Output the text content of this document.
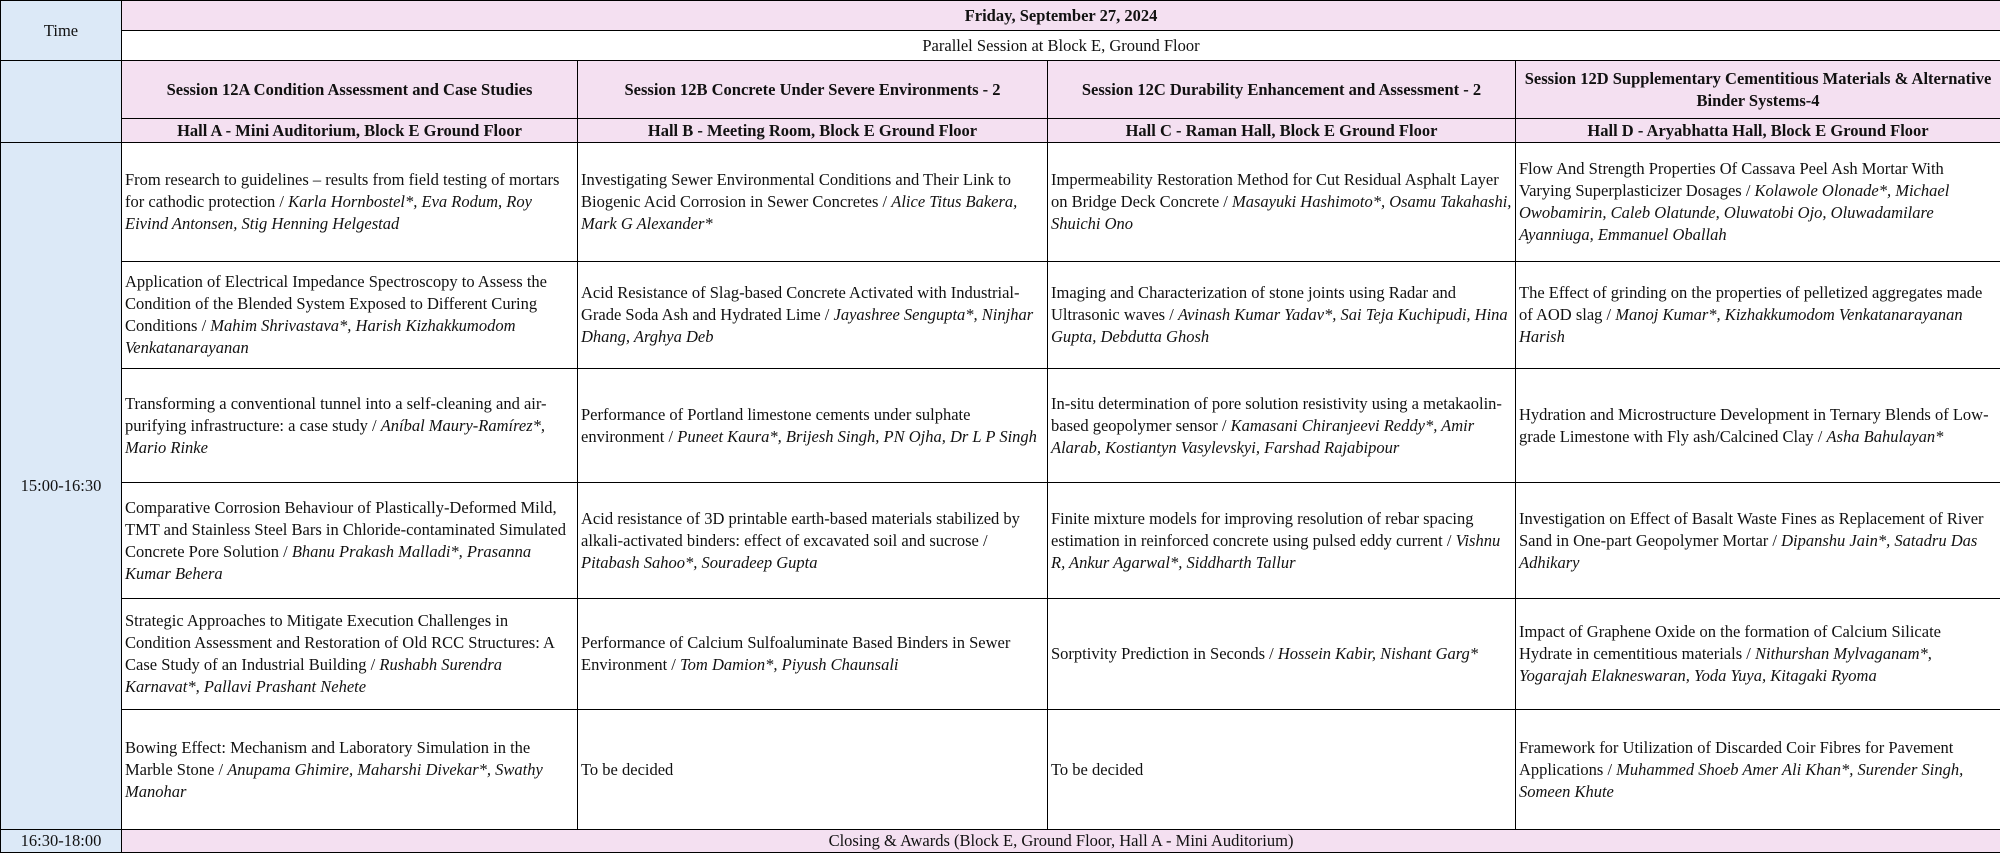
Time	Friday, September 27, 2024			
	Parallel Session at Block E, Ground Floor			
	Session 12A Condition Assessment and Case Studies	Session 12B Concrete Under Severe Environments - 2	Session 12C Durability Enhancement and Assessment - 2	Session 12D Supplementary Cementitious Materials & Alternative Binder Systems-4
	Hall A - Mini Auditorium, Block E Ground Floor	Hall B - Meeting Room, Block E Ground Floor	Hall C - Raman Hall, Block E Ground Floor	Hall D - Aryabhatta Hall, Block E Ground Floor
15:00-16:30	From research to guidelines – results from field testing of mortars for cathodic protection / Karla Hornbostel*, Eva Rodum, Roy Eivind Antonsen, Stig Henning Helgestad	Investigating Sewer Environmental Conditions and Their Link to Biogenic Acid Corrosion in Sewer Concretes / Alice Titus Bakera, Mark G Alexander*	Impermeability Restoration Method for Cut Residual Asphalt Layer on Bridge Deck Concrete / Masayuki Hashimoto*, Osamu Takahashi, Shuichi Ono	Flow And Strength Properties Of Cassava Peel Ash Mortar With Varying Superplasticizer Dosages / Kolawole Olonade*, Michael Owobamirin, Caleb Olatunde, Oluwatobi Ojo, Oluwadamilare Ayanniuga, Emmanuel Oballah
	Application of Electrical Impedance Spectroscopy to Assess the Condition of the Blended System Exposed to Different Curing Conditions / Mahim Shrivastava*, Harish Kizhakkumodom Venkatanarayanan	Acid Resistance of Slag-based Concrete Activated with Industrial-Grade Soda Ash and Hydrated Lime / Jayashree Sengupta*, Ninjhar Dhang, Arghya Deb	Imaging and Characterization of stone joints using Radar and Ultrasonic waves / Avinash Kumar Yadav*, Sai Teja Kuchipudi, Hina Gupta, Debdutta Ghosh	The Effect of grinding on the properties of pelletized aggregates made of AOD slag / Manoj Kumar*, Kizhakkumodom Venkatanarayanan Harish
	Transforming a conventional tunnel into a self-cleaning and air-purifying infrastructure: a case study / Aníbal Maury-Ramírez*, Mario Rinke	Performance of Portland limestone cements under sulphate environment / Puneet Kaura*, Brijesh Singh, PN Ojha, Dr L P Singh	In-situ determination of pore solution resistivity using a metakaolin-based geopolymer sensor / Kamasani Chiranjeevi Reddy*, Amir Alarab, Kostiantyn Vasylevskyi, Farshad Rajabipour	Hydration and Microstructure Development in Ternary Blends of Low-grade Limestone with Fly ash/Calcined Clay / Asha Bahulayan*
	Comparative Corrosion Behaviour of Plastically-Deformed Mild, TMT and Stainless Steel Bars in Chloride-contaminated Simulated Concrete Pore Solution / Bhanu Prakash Malladi*, Prasanna Kumar Behera	Acid resistance of 3D printable earth-based materials stabilized by alkali-activated binders: effect of excavated soil and sucrose / Pitabash Sahoo*, Souradeep Gupta	Finite mixture models for improving resolution of rebar spacing estimation in reinforced concrete using pulsed eddy current / Vishnu R, Ankur Agarwal*, Siddharth Tallur	Investigation on Effect of Basalt Waste Fines as Replacement of River Sand in One-part Geopolymer Mortar / Dipanshu Jain*, Satadru Das Adhikary
	Strategic Approaches to Mitigate Execution Challenges in Condition Assessment and Restoration of Old RCC Structures: A Case Study of an Industrial Building / Rushabh Surendra Karnavat*, Pallavi Prashant Nehete	Performance of Calcium Sulfoaluminate Based Binders in Sewer Environment / Tom Damion*, Piyush Chaunsali	Sorptivity Prediction in Seconds / Hossein Kabir, Nishant Garg*	Impact of Graphene Oxide on the formation of Calcium Silicate Hydrate in cementitious materials / Nithurshan Mylvaganam*, Yogarajah Elakneswaran, Yoda Yuya, Kitagaki Ryoma
	Bowing Effect: Mechanism and Laboratory Simulation in the Marble Stone / Anupama Ghimire, Maharshi Divekar*, Swathy Manohar	To be decided	To be decided	Framework for Utilization of Discarded Coir Fibres for Pavement Applications / Muhammed Shoeb Amer Ali Khan*, Surender Singh, Someen Khute
16:30-18:00	Closing & Awards (Block E, Ground Floor, Hall A - Mini Auditorium)			
